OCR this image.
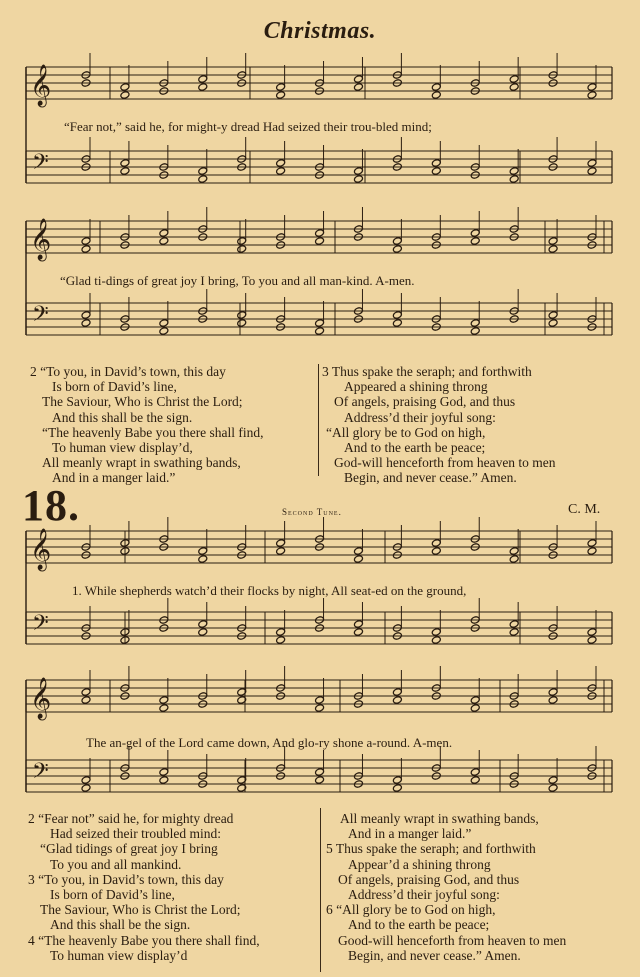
Christmas.
𝄞
𝄢
𝄞
𝄢
𝄞
𝄢
𝄞
𝄢
“Fear not,” said he, for might-y dread Had seized their trou-bled mind;
“Glad ti-dings of great joy I bring, To you and all man-kind. A-men.
2 “To you, in David’s town, this day
Is born of David’s line,
The Saviour, Who is Christ the Lord;
And this shall be the sign.
“The heavenly Babe you there shall find,
To human view display’d,
All meanly wrapt in swathing bands,
And in a manger laid.”
3 Thus spake the seraph; and forthwith
Appeared a shining throng
Of angels, praising God, and thus
Address’d their joyful song:
“All glory be to God on high,
And to the earth be peace;
God-will henceforth from heaven to men
Begin, and never cease.” Amen.
18.	Second Tune.	C. M.
1. While shepherds watch’d their flocks by night, All seat-ed on the ground,
The an-gel of the Lord came down, And glo-ry shone a-round. A-men.
2 “Fear not” said he, for mighty dread
Had seized their troubled mind:
“Glad tidings of great joy I bring
To you and all mankind.
3 “To you, in David’s town, this day
Is born of David’s line,
The Saviour, Who is Christ the Lord;
And this shall be the sign.
4 “The heavenly Babe you there shall find,
To human view display’d
All meanly wrapt in swathing bands,
And in a manger laid.”
5 Thus spake the seraph; and forthwith
Appear’d a shining throng
Of angels, praising God, and thus
Address’d their joyful song:
6 “All glory be to God on high,
And to the earth be peace;
Good-will henceforth from heaven to men
Begin, and never cease.” Amen.
